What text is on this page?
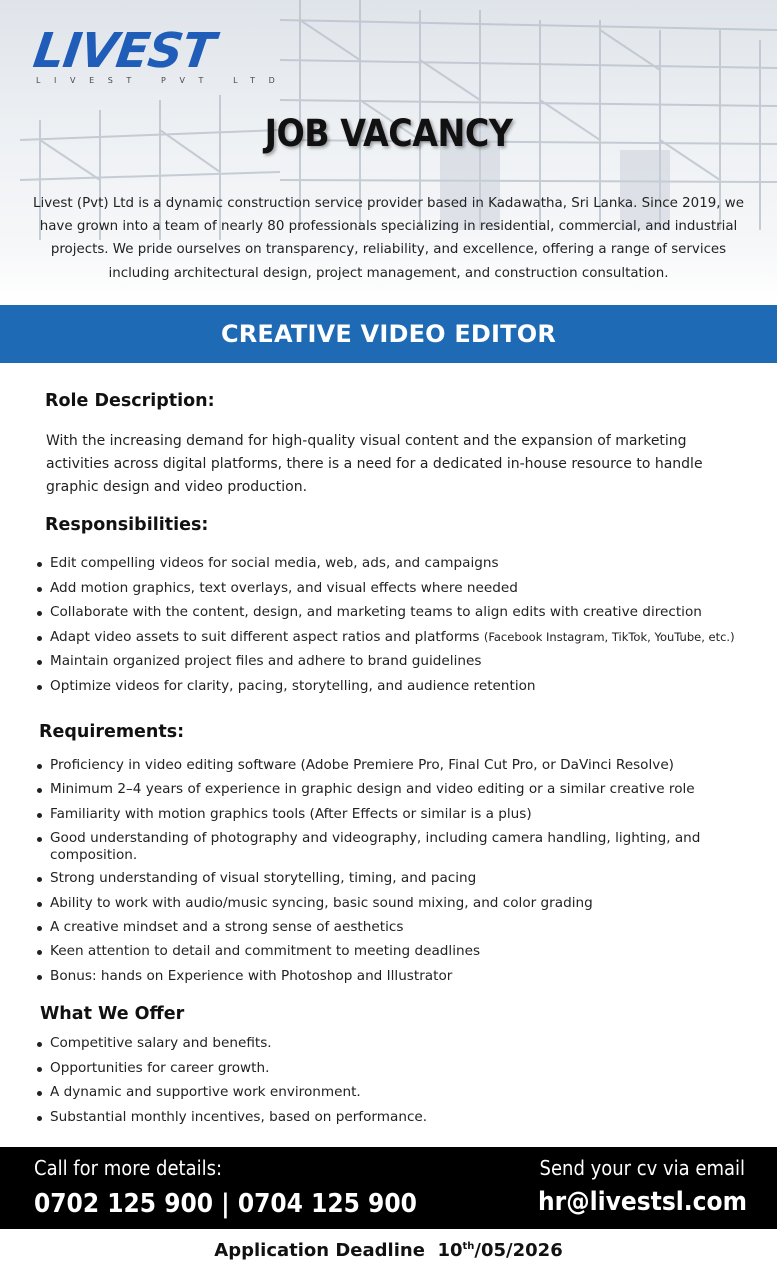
LIVEST
LIVEST PVT LTD
JOB VACANCY

Livest (Pvt) Ltd is a dynamic construction service provider based in Kadawatha, Sri Lanka. Since 2019, we have grown into a team of nearly 80 professionals specializing in residential, commercial, and industrial projects. We pride ourselves on transparency, reliability, and excellence, offering a range of services including architectural design, project management, and construction consultation.

CREATIVE VIDEO EDITOR
Role Description:

With the increasing demand for high-quality visual content and the expansion of marketing activities across digital platforms, there is a need for a dedicated in-house resource to handle graphic design and video production.

Responsibilities:
Edit compelling videos for social media, web, ads, and campaigns
Add motion graphics, text overlays, and visual effects where needed
Collaborate with the content, design, and marketing teams to align edits with creative direction
Adapt video assets to suit different aspect ratios and platforms (Facebook Instagram, TikTok, YouTube, etc.)
Maintain organized project files and adhere to brand guidelines
Optimize videos for clarity, pacing, storytelling, and audience retention
Requirements:
Proficiency in video editing software (Adobe Premiere Pro, Final Cut Pro, or DaVinci Resolve)
Minimum 2–4 years of experience in graphic design and video editing or a similar creative role
Familiarity with motion graphics tools (After Effects or similar is a plus)
Good understanding of photography and videography, including camera handling, lighting, and composition.
Strong understanding of visual storytelling, timing, and pacing
Ability to work with audio/music syncing, basic sound mixing, and color grading
A creative mindset and a strong sense of aesthetics
Keen attention to detail and commitment to meeting deadlines
Bonus: hands on Experience with Photoshop and Illustrator
What We Offer
Competitive salary and benefits.
Opportunities for career growth.
A dynamic and supportive work environment.
Substantial monthly incentives, based on performance.
Call for more details:
0702 125 900 | 0704 125 900
Send your cv via email
hr@livestsl.com
Application Deadline 10th/05/2026
